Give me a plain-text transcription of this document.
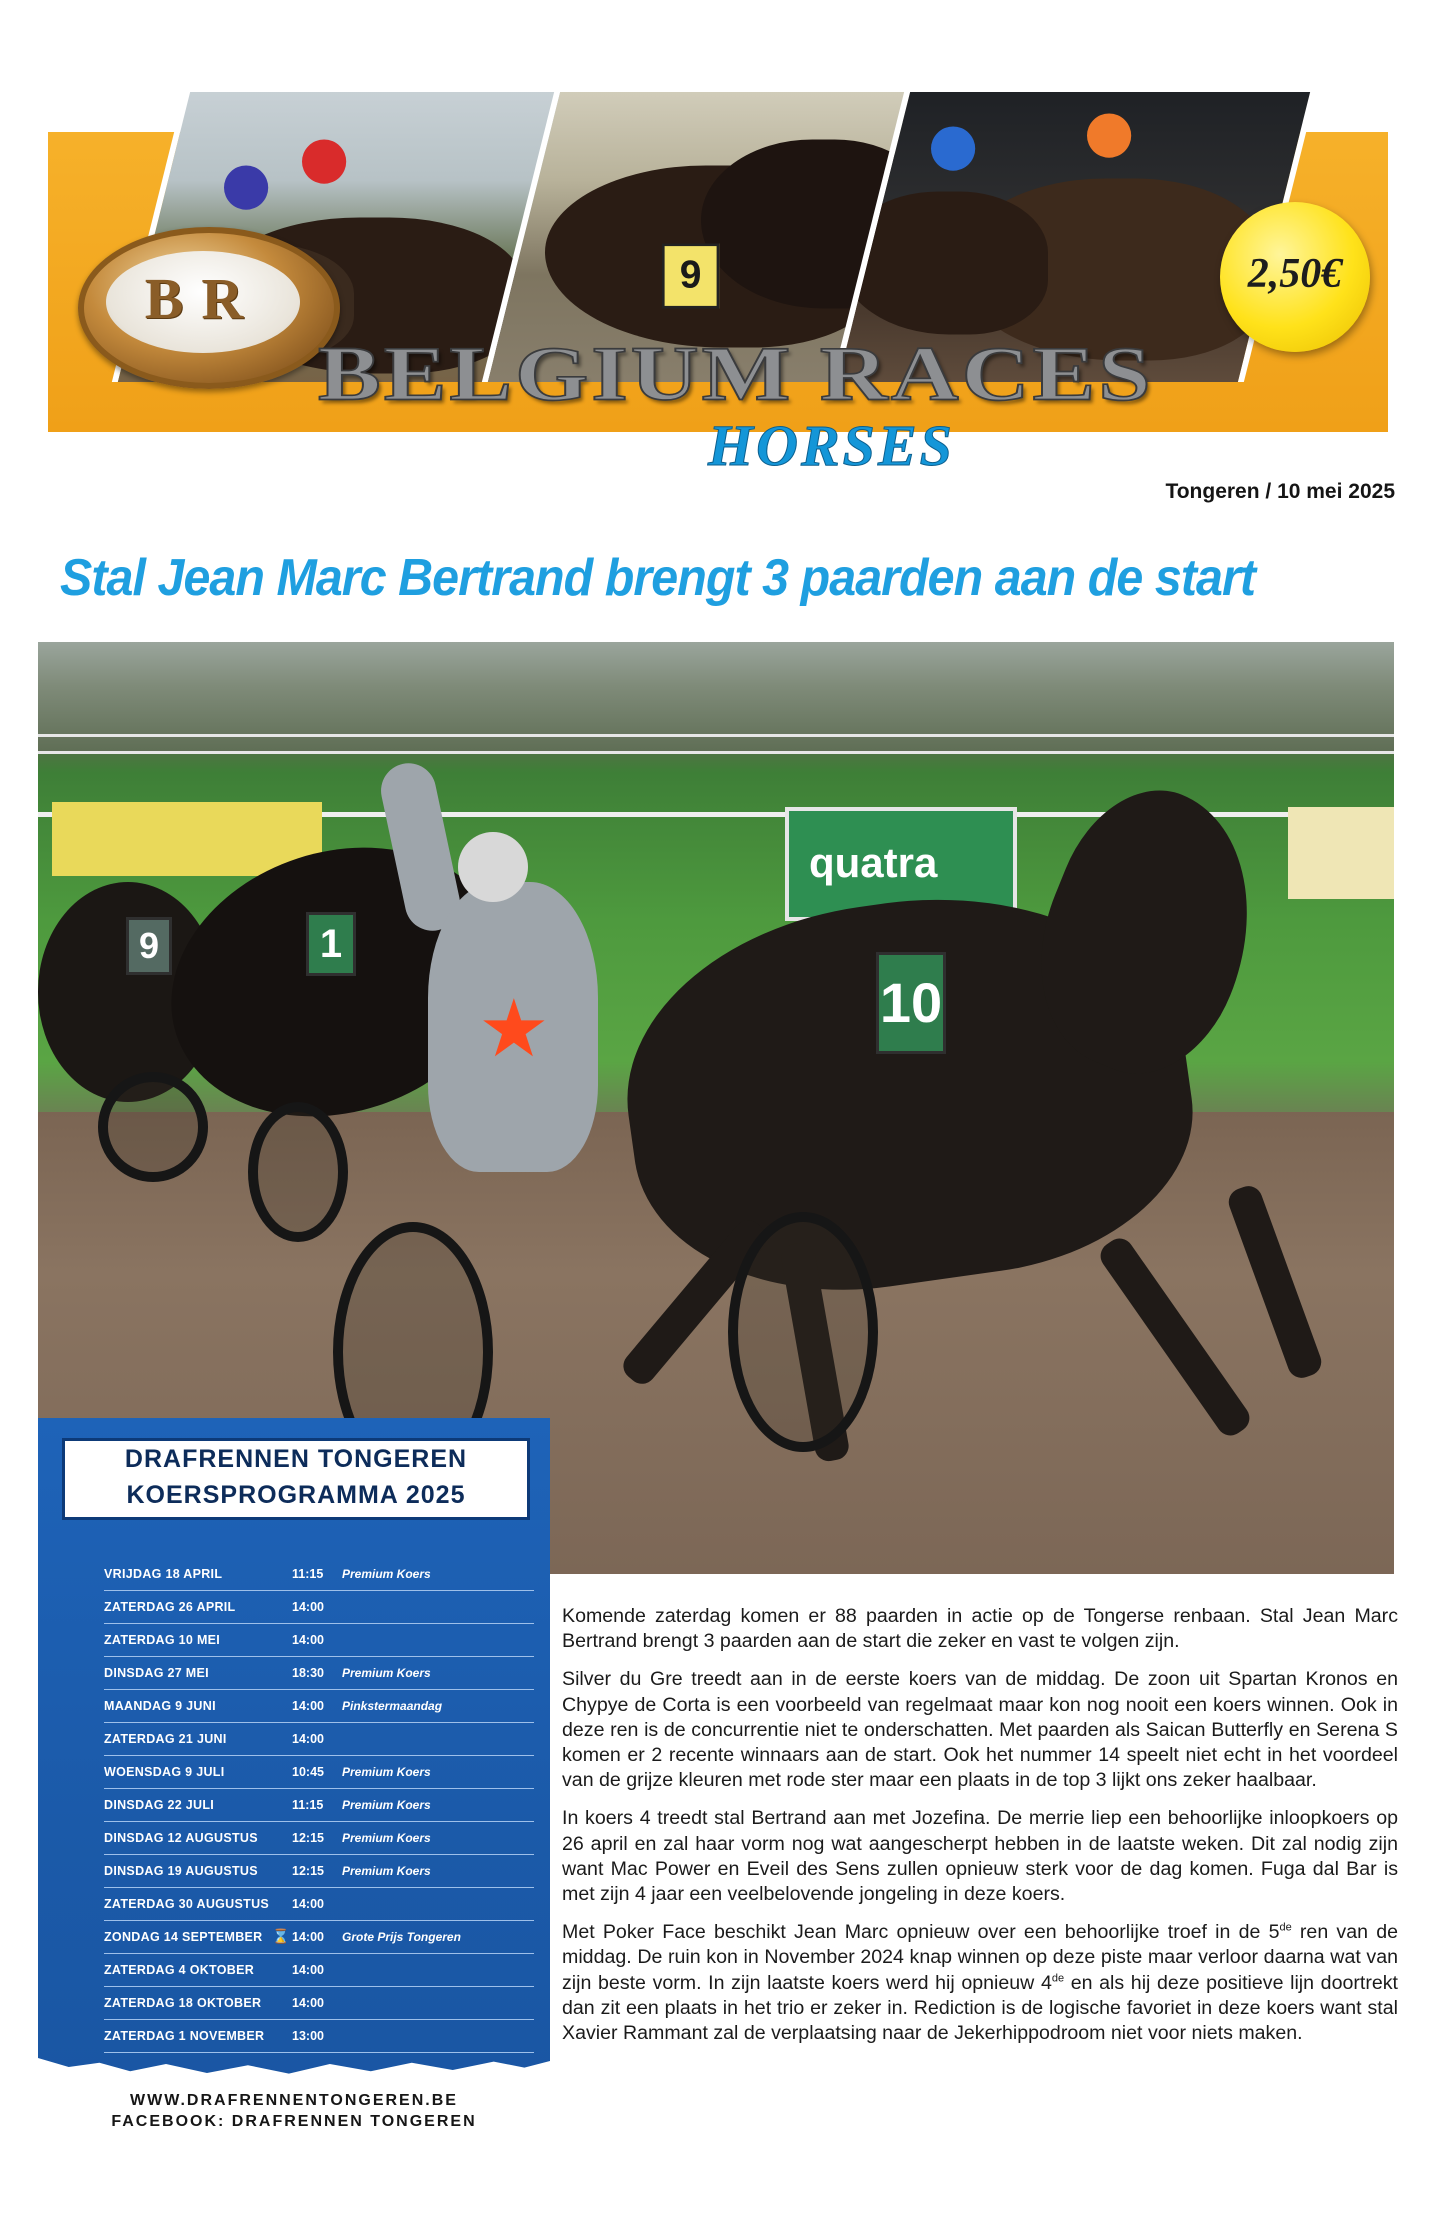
9
BR
BELGIUM RACES
HORSES
2,50€
Tongeren / 10 mei 2025
Stal Jean Marc Bertrand brengt 3 paarden aan de start
quatra
★	10
1
9
DRAFRENNEN TONGEREN
KOERSPROGRAMMA 2025
VRIJDAG 18 APRIL	11:15 Premium Koers
ZATERDAG 26 APRIL	14:00
ZATERDAG 10 MEI	14:00
DINSDAG 27 MEI	18:30 Premium Koers
MAANDAG 9 JUNI	14:00 Pinkstermaandag
ZATERDAG 21 JUNI	14:00
WOENSDAG 9 JULI	10:45 Premium Koers
DINSDAG 22 JULI	11:15 Premium Koers
DINSDAG 12 AUGUSTUS	12:15 Premium Koers
DINSDAG 19 AUGUSTUS	12:15 Premium Koers
ZATERDAG 30 AUGUSTUS 14:00
ZONDAG 14 SEPTEMBER ⌛ 14:00 Grote Prijs Tongeren
ZATERDAG 4 OKTOBER	14:00
ZATERDAG 18 OKTOBER 14:00
ZATERDAG 1 NOVEMBER 13:00
WWW.DRAFRENNENTONGEREN.BE
FACEBOOK: DRAFRENNEN TONGEREN

Komende zaterdag komen er 88 paarden in actie op de Tongerse renbaan. Stal Jean Marc Bertrand brengt 3 paarden aan de start die zeker en vast te volgen zijn.

Silver du Gre treedt aan in de eerste koers van de middag. De zoon uit Spartan Kronos en Chypye de Corta is een voorbeeld van regelmaat maar kon nog nooit een koers winnen. Ook in deze ren is de concurrentie niet te onderschatten. Met paarden als Saican Butterfly en Serena S komen er 2 recente winnaars aan de start. Ook het nummer 14 speelt niet echt in het voordeel van de grijze kleuren met rode ster maar een plaats in de top 3 lijkt ons zeker haalbaar.

In koers 4 treedt stal Bertrand aan met Jozefina. De merrie liep een behoorlijke inloopkoers op 26 april en zal haar vorm nog wat aangescherpt hebben in de laatste weken. Dit zal nodig zijn want Mac Power en Eveil des Sens zullen opnieuw sterk voor de dag komen. Fuga dal Bar is met zijn 4 jaar een veelbelovende jongeling in deze koers.

Met Poker Face beschikt Jean Marc opnieuw over een behoorlijke troef in de 5de ren van de middag. De ruin kon in November 2024 knap winnen op deze piste maar verloor daarna wat van zijn beste vorm. In zijn laatste koers werd hij opnieuw 4de en als hij deze positieve lijn doortrekt dan zit een plaats in het trio er zeker in. Rediction is de logische favoriet in deze koers want stal Xavier Rammant zal de verplaatsing naar de Jekerhippodroom niet voor niets maken.
